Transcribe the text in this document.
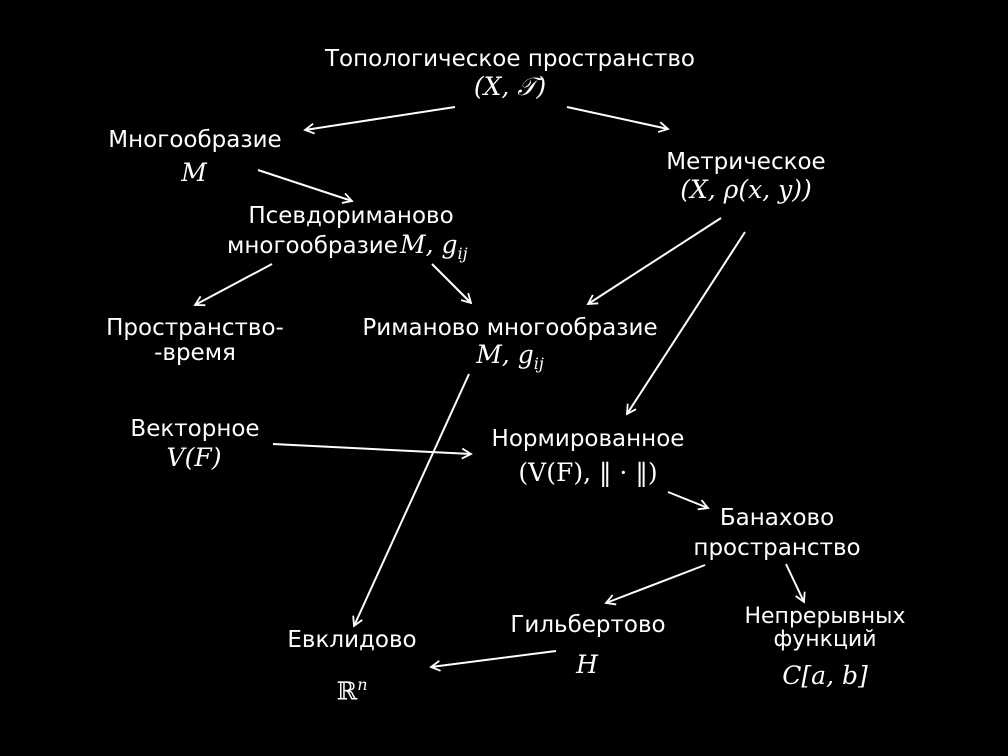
Топологическое пространство
(X, 𝒯)
Многообразие
M	Метрическое
(X, ρ(x, y))
Псевдориманово
многообразие M, $g_{ij}$
Пространство-
-время
Риманово многообразие
M, $g_{ij}$
Векторное
V(F)
Нормированное
(V(F), ‖ · ‖)
Банахово
пространство
Гильбертово
H
Непрерывных
функций
C[a, b]
Евклидово
ℝ$^n$
